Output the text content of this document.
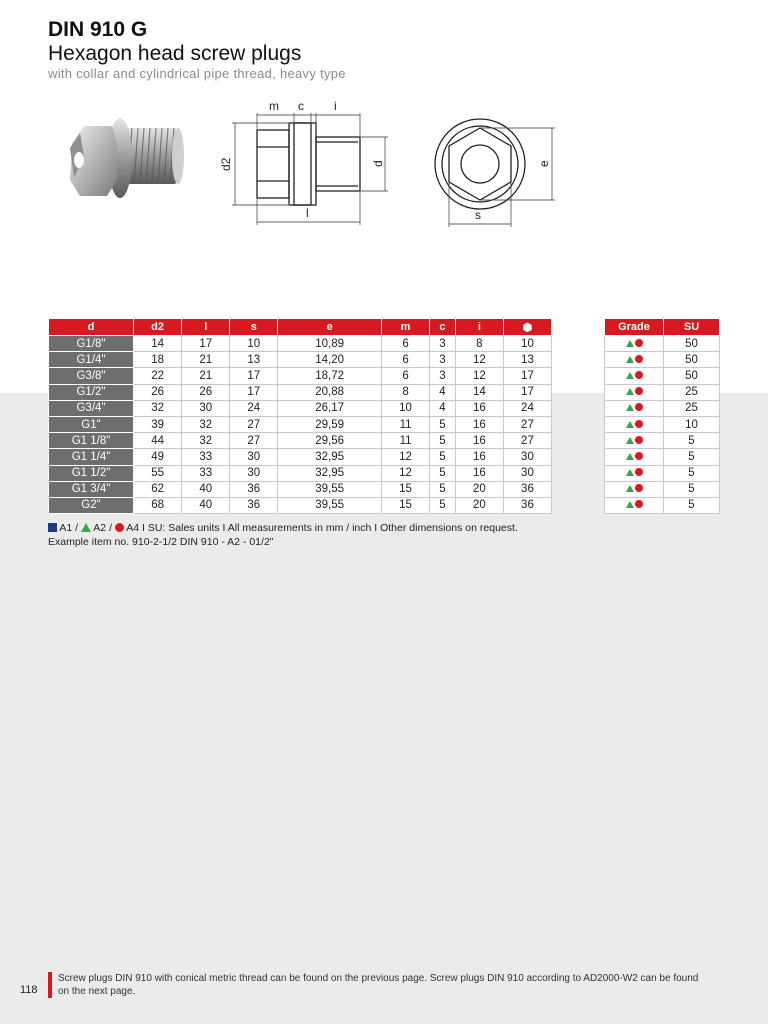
DIN 910 G
Hexagon head screw plugs
with collar and cylindrical pipe thread, heavy type
m c	i
d2	d
l
e
s
d	d2	l	s	e	m	c	i	⬢
G1/8"	14	17	10	10,89	6	3	8	10
G1/4"	18	21	13	14,20	6	3	12	13
G3/8"	22	21	17	18,72	6	3	12	17
G1/2"	26	26	17	20,88	8	4	14	17
G3/4"	32	30	24	26,17	10	4	16	24
G1"	39	32	27	29,59	11	5	16	27
G1 1/8"	44	32	27	29,56	11	5	16	27
G1 1/4"	49	33	30	32,95	12	5	16	30
G1 1/2"	55	33	30	32,95	12	5	16	30
G1 3/4"	62	40	36	39,55	15	5	20	36
G2"	68	40	36	39,55	15	5	20	36
Grade	SU
	50
	50
	50
	25
	25
	10
	5
	5
	5
	5
	5
A1 / A2 / A4 I SU: Sales units I All measurements in mm / inch I Other dimensions on request.
Example item no. 910-2-1/2 DIN 910 - A2 - 01/2"
118
Screw plugs DIN 910 with conical metric thread can be found on the previous page. Screw plugs DIN 910 according to AD2000-W2 can be found on the next page.
